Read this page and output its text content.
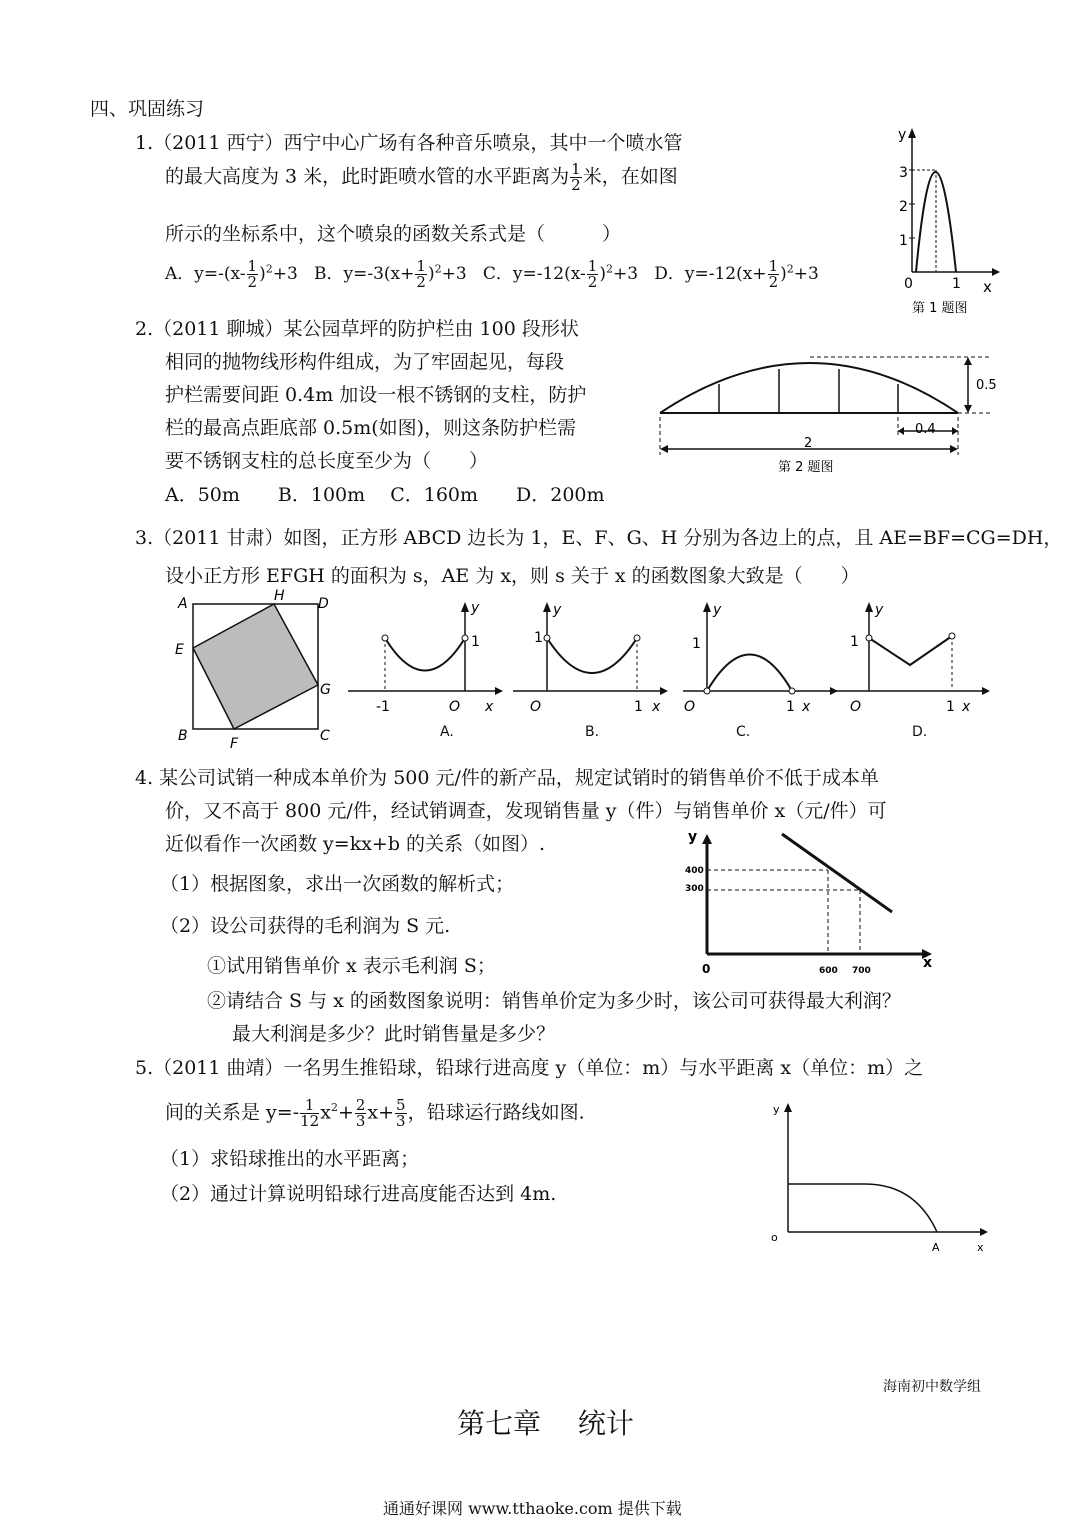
四、巩固练习
1.（2011 西宁）西宁中心广场有各种音乐喷泉，其中一个喷水管
的最大高度为 3 米，此时距喷水管的水平距离为 $\frac{1}{2}$ 米，在如图
所示的坐标系中，这个喷泉的函数关系式是（　　　）
A．$y=-(x- \frac{1}{2} )^2+3$ B．$y=-3(x+ \frac{1}{2} )^2+3$ C．$y=-12(x- \frac{1}{2} )^2+3$ D．$y=-12(x+ \frac{1}{2} )^2+3$
y
3
2
1
0	1 x
第 1 题图
2.（2011 聊城）某公园草坪的防护栏由 100 段形状
相同的抛物线形构件组成，为了牢固起见，每段
护栏需要间距 0.4m 加设一根不锈钢的支柱，防护
栏的最高点距底部 0.5m(如图)，则这条防护栏需
要不锈钢支柱的总长度至少为（　　）
A．50m　　B．100m　 C．160m　　D．200m
0.5
0.4
2
第 2 题图
3.（2011 甘肃）如图，正方形 ABCD 边长为 1，E、F、G、H 分别为各边上的点，且 AE=BF=CG=DH，
设小正方形 EFGH 的面积为 s，AE 为 x，则 s 关于 x 的函数图象大致是（　　）
A	D
H
E
G
B	C
F
y
1
-1	O x
A.
y
1
O	1 x
B.
y
1
O	1 x
C.
y
1
O	1 x
D.
4. 某公司试销一种成本单价为 500 元/件的新产品，规定试销时的销售单价不低于成本单
价，又不高于 800 元/件，经试销调查，发现销售量 y（件）与销售单价 x（元/件）可
近似看作一次函数 y=kx+b 的关系（如图）.
（1）根据图象，求出一次函数的解析式；
（2）设公司获得的毛利润为 S 元.
①试用销售单价 x 表示毛利润 S；
②请结合 S 与 x 的函数图象说明：销售单价定为多少时，该公司可获得最大利润？
最大利润是多少？此时销售量是多少？
y
400
300
0	600 700	x
5.（2011 曲靖）一名男生推铅球，铅球行进高度 y（单位：m）与水平距离 x（单位：m）之
间的关系是 $y=- \frac{1}{12} x^2+ \frac{2}{3} x+ \frac{5}{3}$ ，铅球运行路线如图.
（1）求铅球推出的水平距离；
（2）通过计算说明铅球行进高度能否达到 4m.
y
o
A	x
海南初中数学组
第七章　 统计
通通好课网 www.tthaoke.com 提供下载
